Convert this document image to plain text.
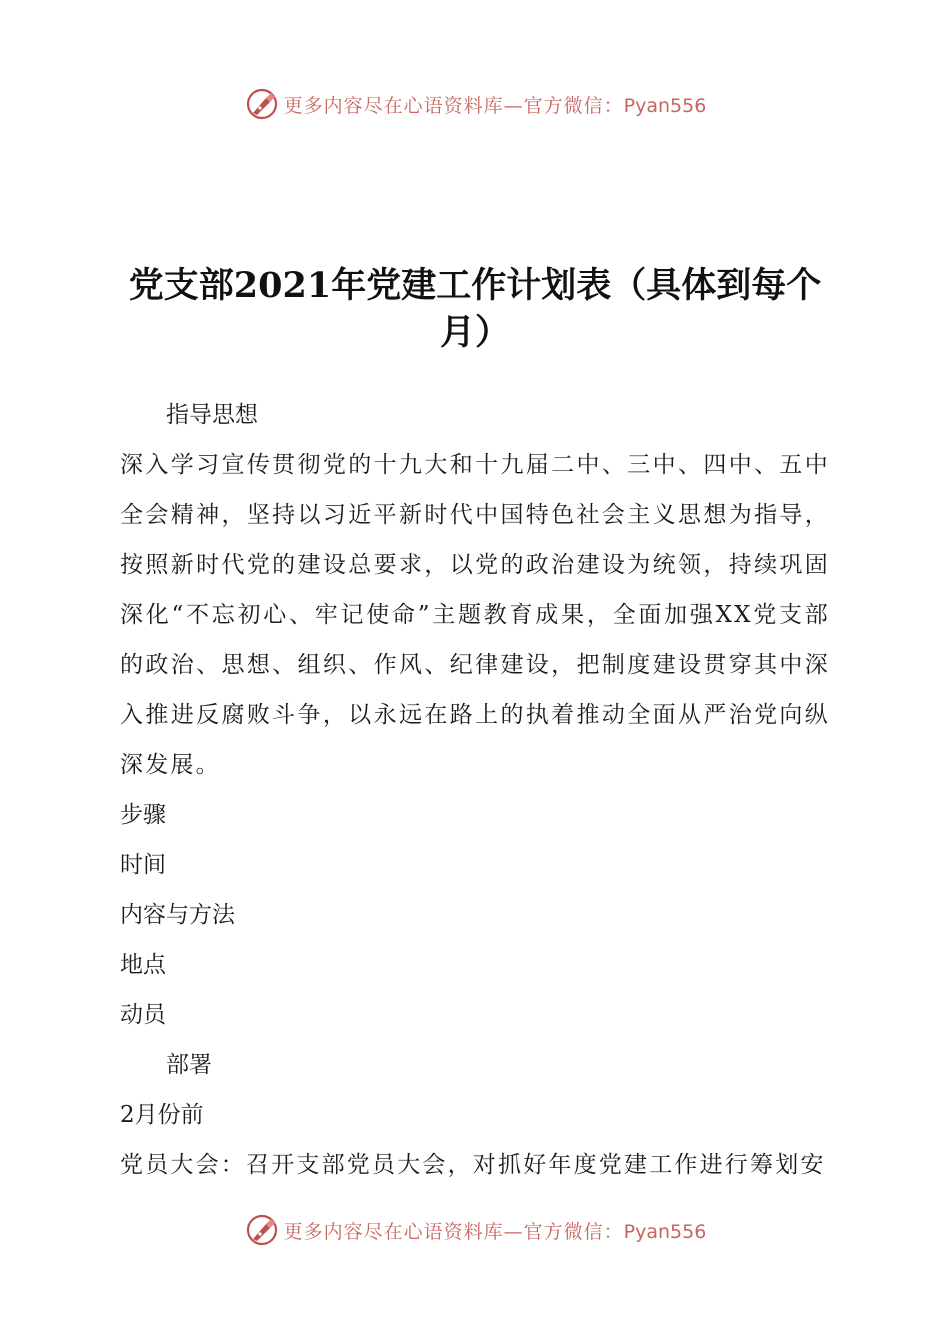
更多内容尽在心语资料库—官方微信：Pyan556
党支部2021年党建工作计划表（具体到每个月）

指导思想

深入学习宣传贯彻党的十九大和十九届二中、三中、四中、五中全会精神，坚持以习近平新时代中国特色社会主义思想为指导，按照新时代党的建设总要求，以党的政治建设为统领，持续巩固深化“不忘初心、牢记使命”主题教育成果，全面加强XX党支部的政治、思想、组织、作风、纪律建设，把制度建设贯穿其中深入推进反腐败斗争，以永远在路上的执着推动全面从严治党向纵深发展。

步骤

时间

内容与方法

地点

动员

部署

2月份前

党员大会：召开支部党员大会，对抓好年度党建工作进行筹划安

更多内容尽在心语资料库—官方微信：Pyan556
